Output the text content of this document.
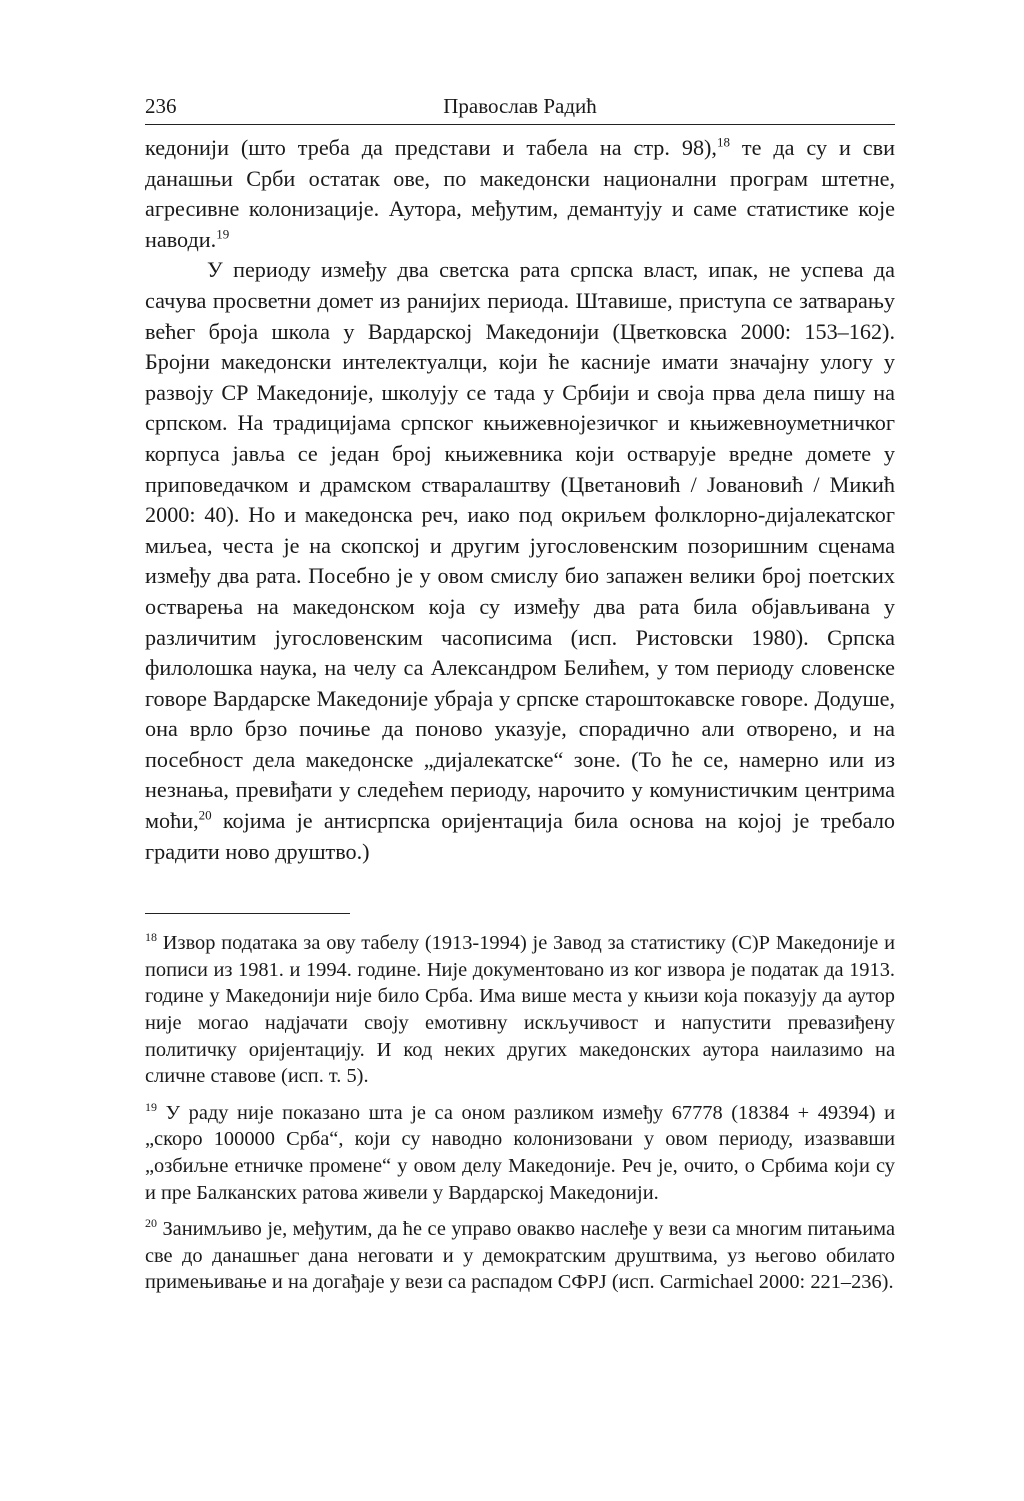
236	Прaвослав Радић

кедонији (што треба да представи и табела на стр. 98),$^{18}$ те да су и сви данашњи Срби остатак ове, по македонски национални програм штетне, агресивне колонизације. Аутора, међутим, демантују и саме статистике које наводи.$^{19}$

У периоду између два светска рата српска власт, ипак, не успева да сачува просветни домет из ранијих периода. Штавише, приступа се затварању већег броја школа у Вардарској Македонији (Цветковска 2000: 153–162). Бројни македонски интелектуалци, који ће касније имати значајну улогу у развоју СР Македоније, школују се тада у Србији и своја прва дела пишу на српском. На традицијама српског књижевнојезичког и књижевноуметничког корпуса јавља се један број књижевника који остварује вредне домете у приповедачком и драмском стваралаштву (Цветановић / Јовановић / Микић 2000: 40). Но и македонска реч, иако под окриљем фолклорно-дијалекатског миљеа, честа је на скопској и другим југословенским позоришним сценама између два рата. Посебно је у овом смислу био запажен велики број поетских остварења на македонском која су између два рата била објављивана у различитим југословенским часописима (исп. Ристовски 1980). Српска филолошка наука, на челу са Александром Белићем, у том периоду словенске говоре Вардарске Македоније убраја у српске староштокавске говоре. Додуше, она врло брзо почиње да поново указује, спорадично али отворено, и на посебност дела македонске „дијалекатске“ зоне. (То ће се, намерно или из незнања, превиђати у следећем периоду, нарочито у комунистичким центрима моћи,$^{20}$ којима је антисрпска оријентација била основа на којој је требало градити ново друштво.)

$^{18}$ Извор података за ову табелу (1913-1994) је Завод за статистику (С)Р Македоније и пописи из 1981. и 1994. године. Није документовано из ког извора је податак да 1913. године у Македонији није било Срба. Има више места у књизи која показују да аутор није могао надјачати своју емотивну искључивост и напустити превазиђену политичку оријентацију. И код неких других македонских аутора наилазимо на сличне ставове (исп. т. 5).

$^{19}$ У раду није показано шта је са оном разликом између 67778 (18384 + 49394) и „скоро 100000 Срба“, који су наводно колонизовани у овом периоду, изазвавши „озбиљне етничке промене“ у овом делу Македоније. Реч је, очито, о Србима који су и пре Балканских ратова живели у Вардарској Македонији.

$^{20}$ Занимљиво је, међутим, да ће се управо овакво наслеђе у вези са многим питањима све до данашњег дана неговати и у демократским друштвима, уз његово обилато примењивање и на догађаје у вези са распадом СФРЈ (исп. Carmichael 2000: 221–236).
